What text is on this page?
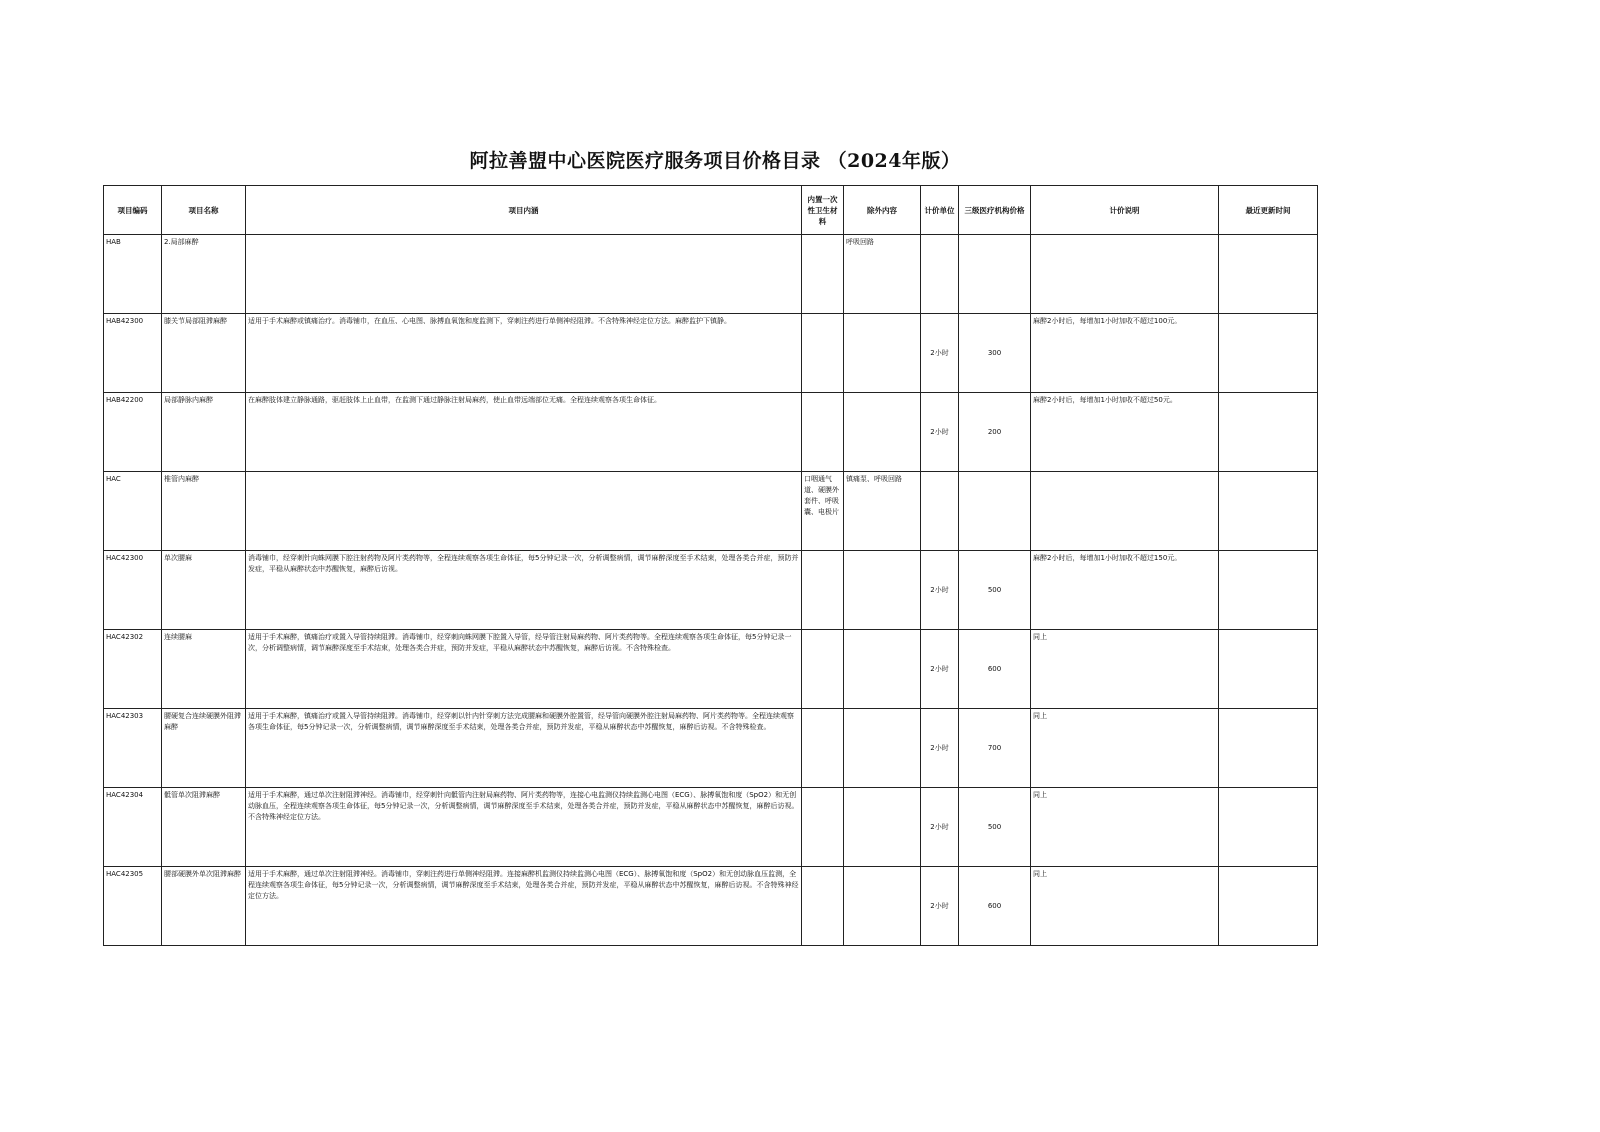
阿拉善盟中心医院医疗服务项目价格目录 （2024年版）
项目编码	项目名称	项目内涵	内置一次性卫生材料	除外内容	计价单位	三级医疗机构价格	计价说明	最近更新时间
HAB	2.局部麻醉			呼吸回路				
HAB42300	膝关节局部阻滞麻醉	适用于手术麻醉或镇痛治疗。消毒铺巾，在血压、心电图、脉搏血氧饱和度监测下，穿刺注药进行单侧神经阻滞。不含特殊神经定位方法。麻醉监护下镇静。			2小时	300	麻醉2小时后，每增加1小时加收不超过100元。	
HAB42200	局部静脉内麻醉	在麻醉肢体建立静脉通路，驱赶肢体上止血带，在监测下通过静脉注射局麻药，使止血带远端部位无痛。全程连续观察各项生命体征。			2小时	200	麻醉2小时后，每增加1小时加收不超过50元。	
HAC	椎管内麻醉		口咽通气道、硬膜外套件、呼吸囊、电极片	镇痛泵、呼吸回路				
HAC42300	单次腰麻	消毒铺巾，经穿刺针向蛛网膜下腔注射药物及阿片类药物等，全程连续观察各项生命体征，每5分钟记录一次，分析调整病情，调节麻醉深度至手术结束，处理各类合并症，预防并发症，平稳从麻醉状态中苏醒恢复，麻醉后访视。			2小时	500	麻醉2小时后，每增加1小时加收不超过150元。	
HAC42302	连续腰麻	适用于手术麻醉，镇痛治疗或置入导管持续阻滞。消毒铺巾，经穿刺向蛛网膜下腔置入导管，经导管注射局麻药物、阿片类药物等。全程连续观察各项生命体征，每5分钟记录一次，分析调整病情，调节麻醉深度至手术结束，处理各类合并症，预防并发症，平稳从麻醉状态中苏醒恢复，麻醉后访视。不含特殊检查。			2小时	600	同上	
HAC42303	腰硬复合连续硬膜外阻滞麻醉	适用于手术麻醉，镇痛治疗或置入导管持续阻滞。消毒铺巾，经穿刺以针内针穿刺方法完成腰麻和硬膜外腔置管，经导管向硬膜外腔注射局麻药物、阿片类药物等。全程连续观察各项生命体征，每5分钟记录一次，分析调整病情，调节麻醉深度至手术结束，处理各类合并症，预防并发症，平稳从麻醉状态中苏醒恢复，麻醉后访视。不含特殊检查。			2小时	700	同上	
HAC42304	骶管单次阻滞麻醉	适用于手术麻醉，通过单次注射阻滞神经。消毒铺巾，经穿刺针向骶管内注射局麻药物、阿片类药物等，连接心电监测仪持续监测心电图（ECG）、脉搏氧饱和度（SpO2）和无创动脉血压，全程连续观察各项生命体征，每5分钟记录一次，分析调整病情，调节麻醉深度至手术结束，处理各类合并症，预防并发症，平稳从麻醉状态中苏醒恢复，麻醉后访视。不含特殊神经定位方法。			2小时	500	同上	
HAC42305	腰部硬膜外单次阻滞麻醉	适用于手术麻醉，通过单次注射阻滞神经。消毒铺巾，穿刺注药进行单侧神经阻滞。连接麻醉机监测仪持续监测心电图（ECG）、脉搏氧饱和度（SpO2）和无创动脉血压监测，全程连续观察各项生命体征，每5分钟记录一次，分析调整病情，调节麻醉深度至手术结束，处理各类合并症，预防并发症，平稳从麻醉状态中苏醒恢复，麻醉后访视。不含特殊神经定位方法。			2小时	600	同上	
